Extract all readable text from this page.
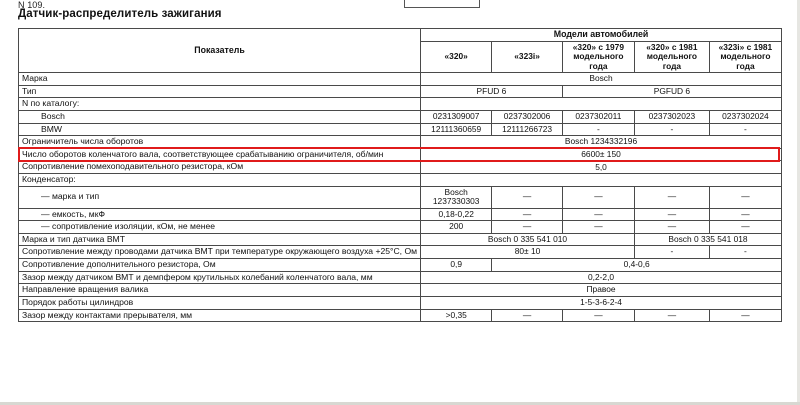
N 109.
Датчик-распределитель зажигания
Показатель	Модели автомобилей				
	«320»	«323i»	«320» с 1979 модельного года	«320» с 1981 модельного года	«323i» с 1981 модельного года
Марка	Bosch				
Тип	PFUD 6		PGFUD 6		
N по каталогу:					
Bosch	0231309007	0237302006	0237302011	0237302023	0237302024
BMW	12111360659	12111266723	-	-	-
Ограничитель числа оборотов	Bosch 1234332196				
Число оборотов коленчатого вала, соответствующее срабатыванию ограничителя, об/мин	6600± 150				
Сопротивление помехоподавительного резистора, кОм	5,0				
Конденсатор:					
— марка и тип	Bosch 1237330303	—	—	—	—
— емкость, мкФ	0,18-0,22	—	—	—	—
— сопротивление изоляции, кОм, не менее	200	—	—	—	—
Марка и тип датчика ВМТ	Bosch 0 335 541 010			Bosch 0 335 541 018	
Сопротивление между проводами датчика ВМТ при температуре окружающего воздуха +25°С, Ом	80± 10			-	-
Сопротивление дополнительного резистора, Ом	0,9	0,4-0,6			
Зазор между датчиком ВМТ и демпфером крутильных колебаний коленчатого вала, мм	0,2-2,0				
Направление вращения валика	Правое				
Порядок работы цилиндров	1-5-3-6-2-4				
Зазор между контактами прерывателя, мм	>0,35	—	—	—	—
